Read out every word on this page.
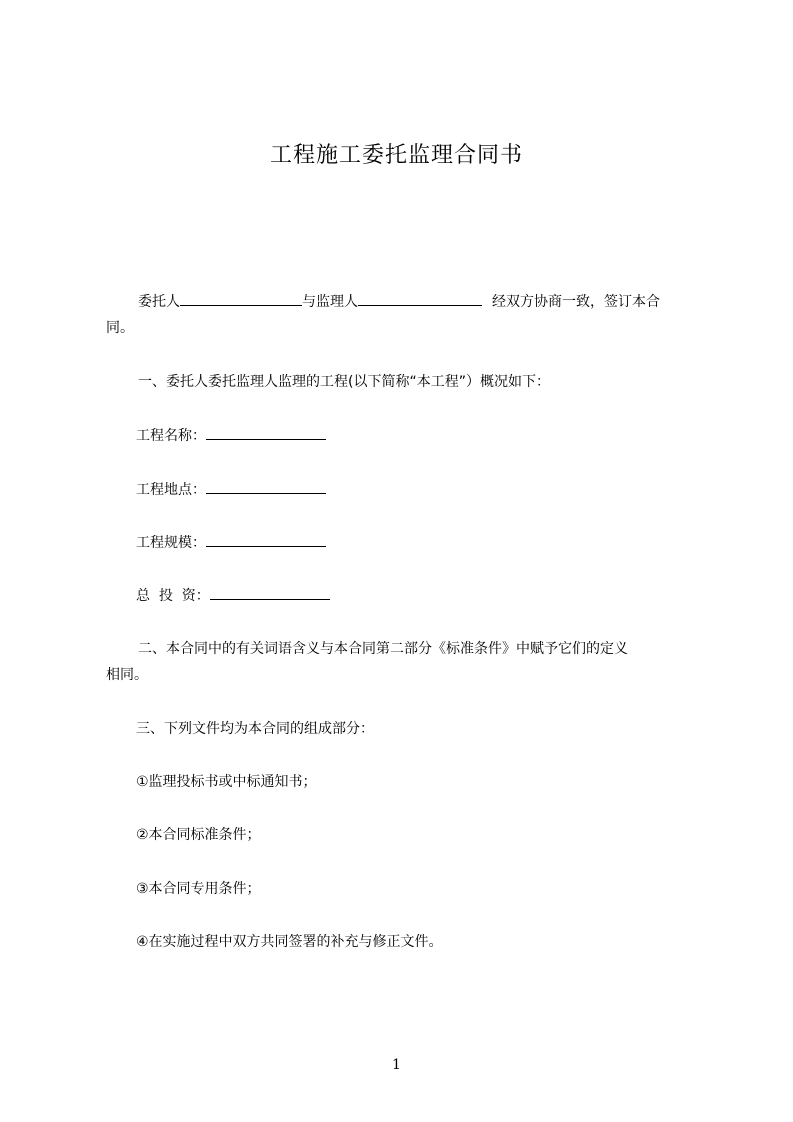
工程施工委托监理合同书
委托人	与监理人	经双方协商一致，签订本合
同。
一、委托人委托监理人监理的工程(以下简称“本工程”）概况如下：
工程名称：
工程地点：
工程规模：
总  投  资：
二、本合同中的有关词语含义与本合同第二部分《标准条件》中赋予它们的定义
相同。
三、下列文件均为本合同的组成部分：
①监理投标书或中标通知书；
②本合同标准条件；
③本合同专用条件；
④在实施过程中双方共同签署的补充与修正文件。
1
